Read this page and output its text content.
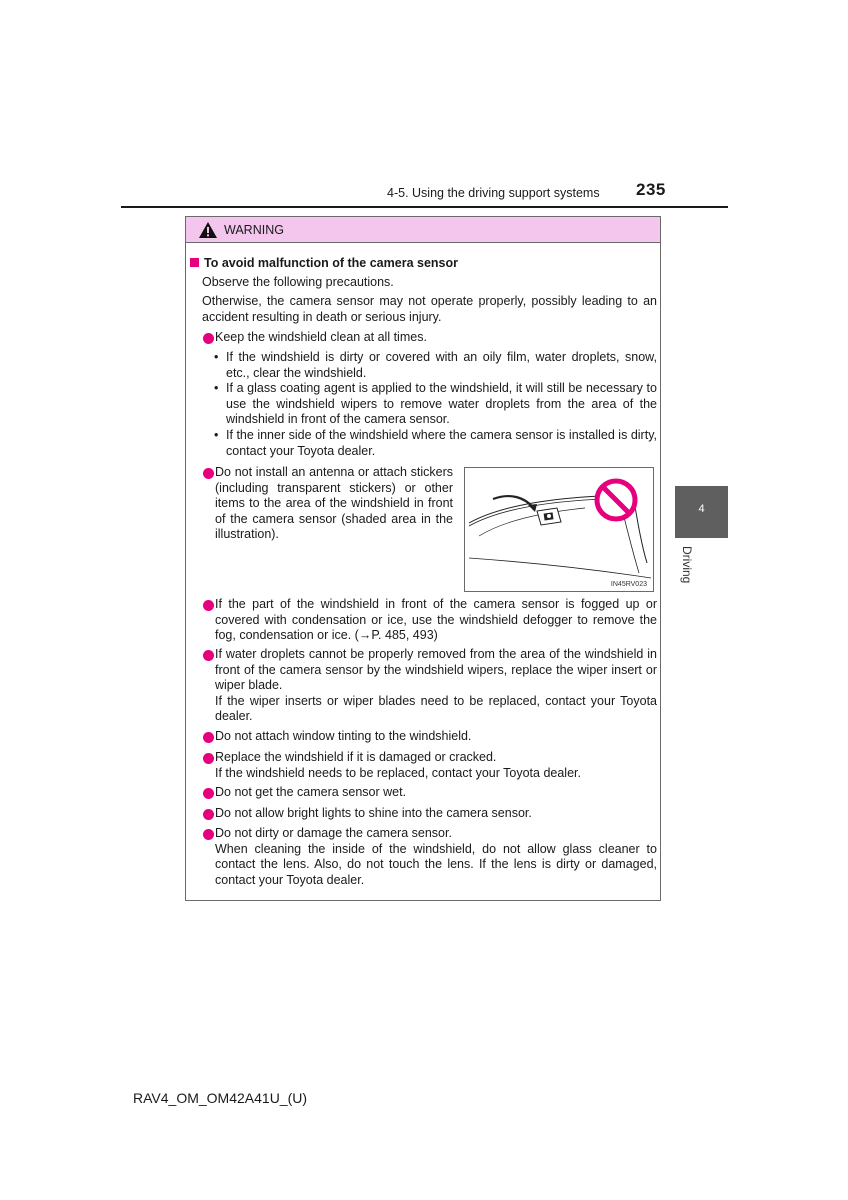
4-5. Using the driving support systems 235
4
Driving
WARNING
To avoid malfunction of the camera sensor
Observe the following precautions.
Otherwise, the camera sensor may not operate properly, possibly leading to an accident resulting in death or serious injury.
Keep the windshield clean at all times.
• If the windshield is dirty or covered with an oily film, water droplets, snow, etc., clear the windshield.
• If a glass coating agent is applied to the windshield, it will still be necessary to use the windshield wipers to remove water droplets from the area of the windshield in front of the camera sensor.
• If the inner side of the windshield where the camera sensor is installed is dirty, contact your Toyota dealer.
Do not install an antenna or attach stickers (including transparent stickers) or other items to the area of the windshield in front of the camera sensor (shaded area in the illustration).
IN45RV023
If the part of the windshield in front of the camera sensor is fogged up or covered with condensation or ice, use the windshield defogger to remove the fog, condensation or ice. (→P. 485, 493)
If water droplets cannot be properly removed from the area of the windshield in front of the camera sensor by the windshield wipers, replace the wiper insert or wiper blade.
If the wiper inserts or wiper blades need to be replaced, contact your Toyota dealer.
Do not attach window tinting to the windshield.
Replace the windshield if it is damaged or cracked.
If the windshield needs to be replaced, contact your Toyota dealer.
Do not get the camera sensor wet.
Do not allow bright lights to shine into the camera sensor.
Do not dirty or damage the camera sensor.
When cleaning the inside of the windshield, do not allow glass cleaner to contact the lens. Also, do not touch the lens. If the lens is dirty or damaged, contact your Toyota dealer.
RAV4_OM_OM42A41U_(U)
